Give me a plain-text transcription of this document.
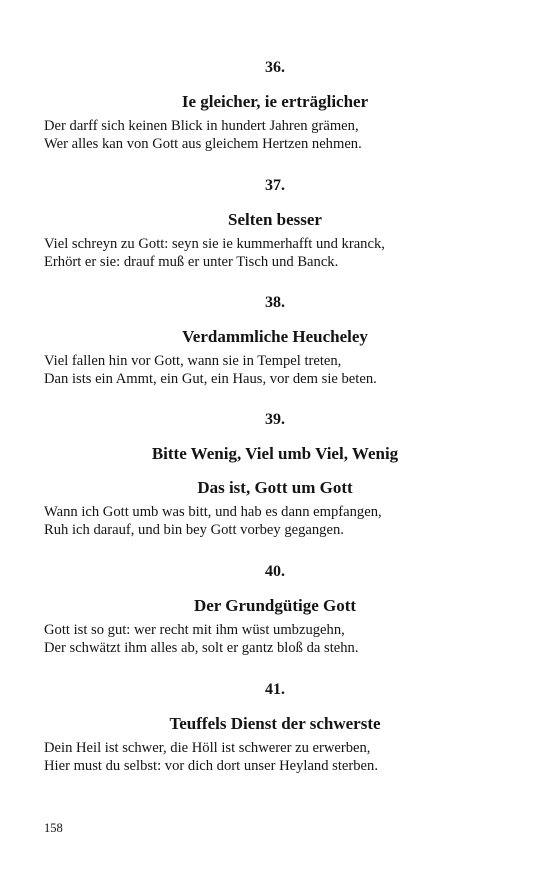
36.
Ie gleicher, ie erträglicher
Der darff sich keinen Blick in hundert Jahren grämen,
Wer alles kan von Gott aus gleichem Hertzen nehmen.
37.
Selten besser
Viel schreyn zu Gott: seyn sie ie kummerhafft und kranck,
Erhört er sie: drauf muß er unter Tisch und Banck.
38.
Verdammliche Heucheley
Viel fallen hin vor Gott, wann sie in Tempel treten,
Dan ists ein Ammt, ein Gut, ein Haus, vor dem sie beten.
39.
Bitte Wenig, Viel umb Viel, Wenig
Das ist, Gott um Gott
Wann ich Gott umb was bitt, und hab es dann empfangen,
Ruh ich darauf, und bin bey Gott vorbey gegangen.
40.
Der Grundgütige Gott
Gott ist so gut: wer recht mit ihm wüst umbzugehn,
Der schwätzt ihm alles ab, solt er gantz bloß da stehn.
41.
Teuffels Dienst der schwerste
Dein Heil ist schwer, die Höll ist schwerer zu erwerben,
Hier must du selbst: vor dich dort unser Heyland sterben.
158
